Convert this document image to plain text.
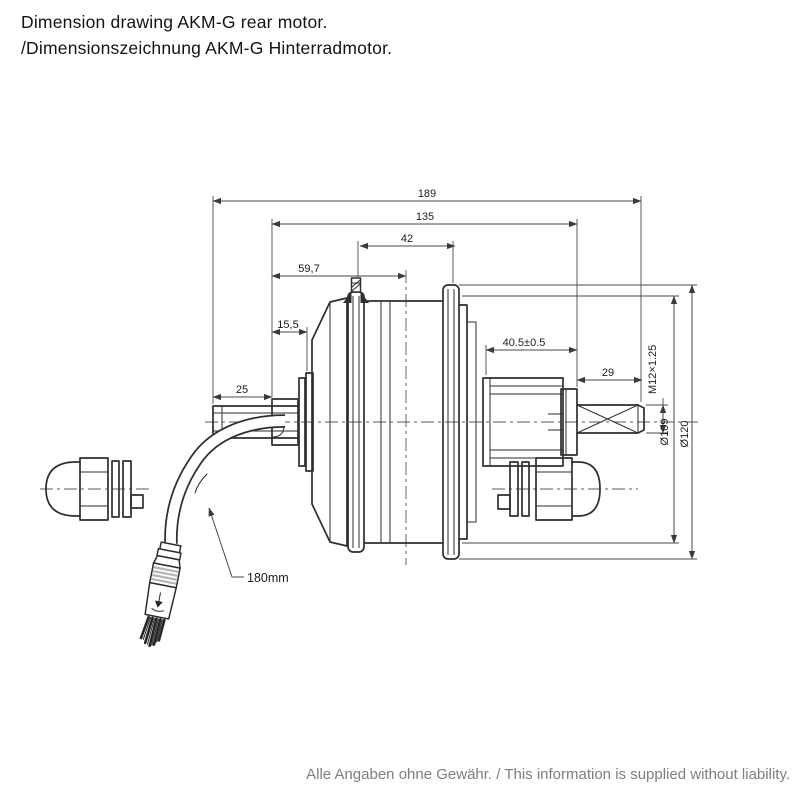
Dimension drawing AKM-G rear motor.
/Dimensionszeichnung AKM-G Hinterradmotor.
189
135
42
59,7
15,5
25
40.5±0.5
29	M12×1.25
Ø109 Ø120
180mm
Alle Angaben ohne Gewähr. / This information is supplied without liability.
